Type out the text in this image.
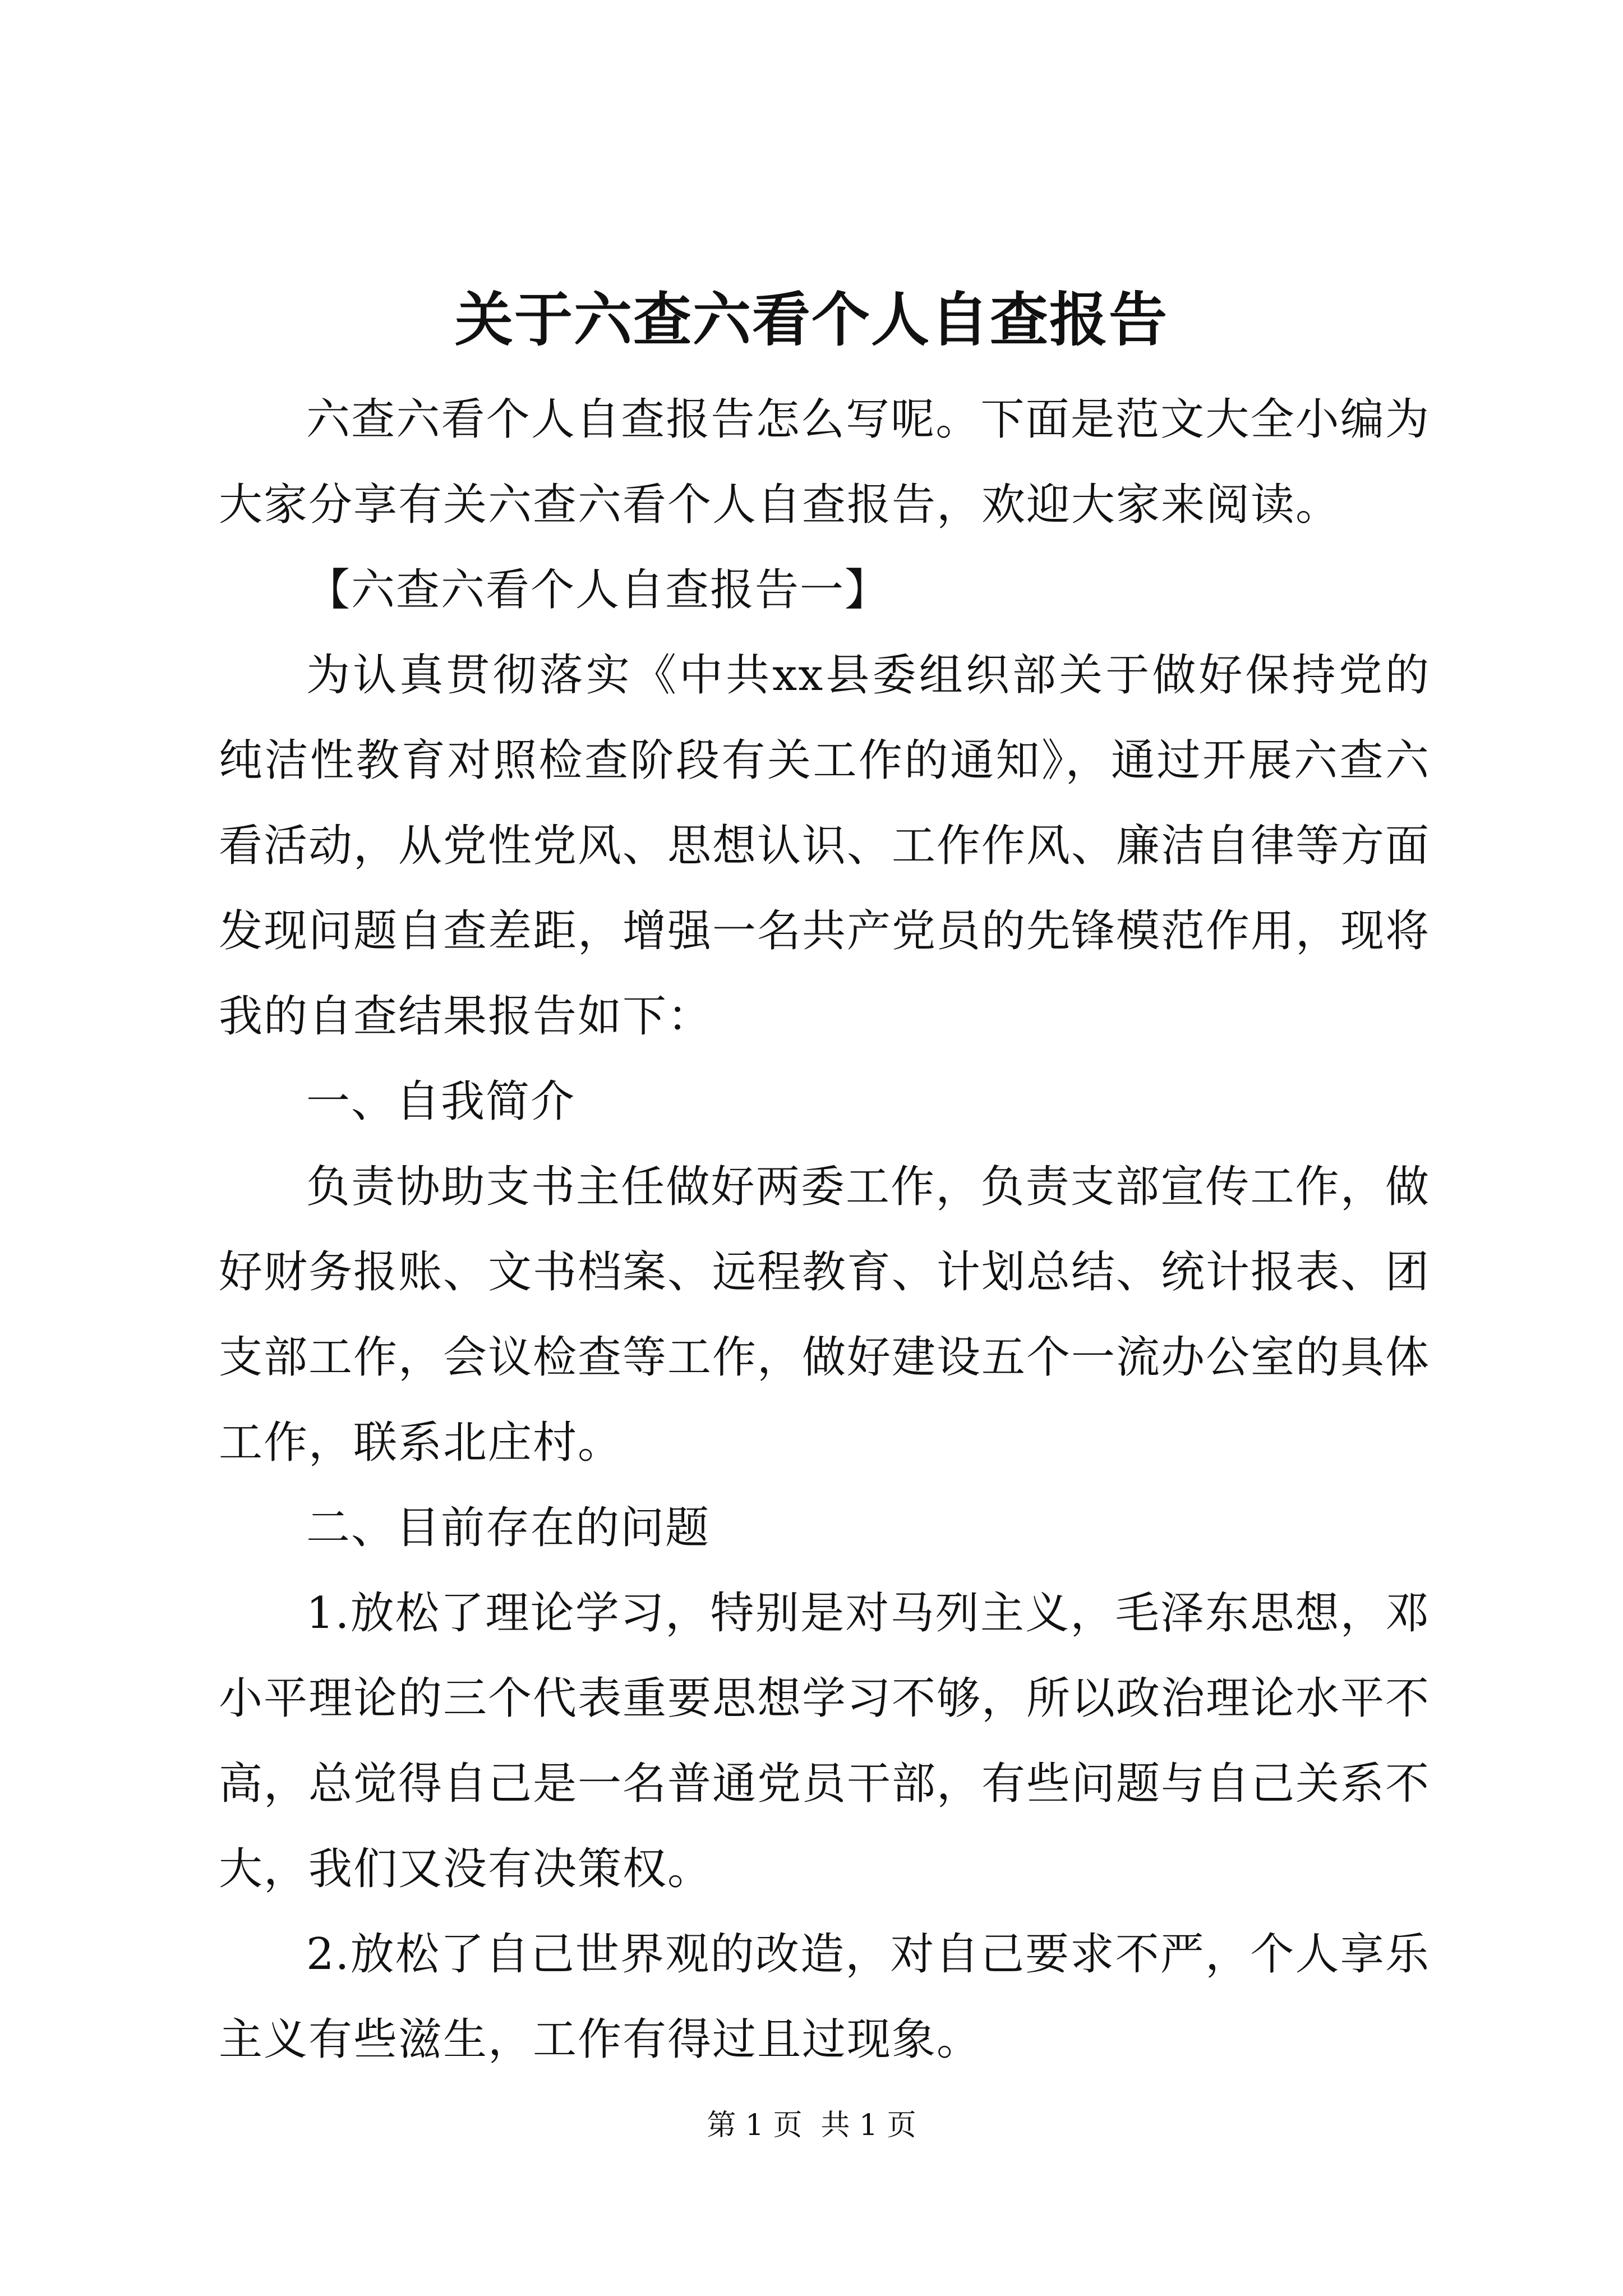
关于六查六看个人自查报告

六查六看个人自查报告怎么写呢。下面是范文大全小编为大家分享有关六查六看个人自查报告，欢迎大家来阅读。

【六查六看个人自查报告一】

为认真贯彻落实《中共xx县委组织部关于做好保持党的纯洁性教育对照检查阶段有关工作的通知》，通过开展六查六看活动，从党性党风、思想认识、工作作风、廉洁自律等方面发现问题自查差距，增强一名共产党员的先锋模范作用，现将我的自查结果报告如下：

一、自我简介

负责协助支书主任做好两委工作，负责支部宣传工作，做好财务报账、文书档案、远程教育、计划总结、统计报表、团支部工作，会议检查等工作，做好建设五个一流办公室的具体工作，联系北庄村。

二、目前存在的问题

1.放松了理论学习，特别是对马列主义，毛泽东思想，邓小平理论的三个代表重要思想学习不够，所以政治理论水平不高，总觉得自己是一名普通党员干部，有些问题与自己关系不大，我们又没有决策权。

2.放松了自己世界观的改造，对自己要求不严，个人享乐主义有些滋生，工作有得过且过现象。

第 1 页  共 1 页
